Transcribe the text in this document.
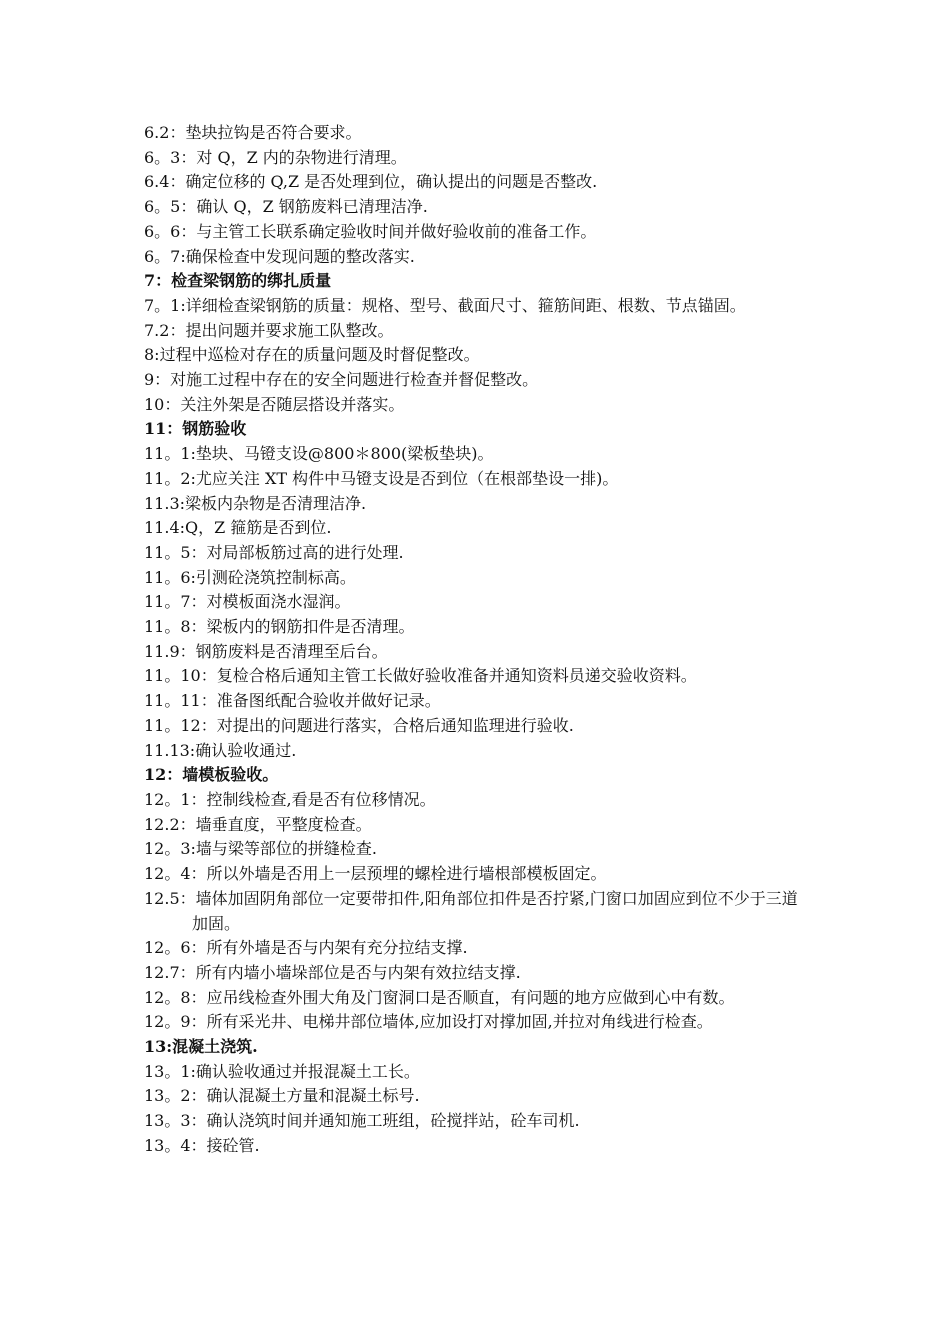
6.2：垫块拉钩是否符合要求。
6。3：对 Q，Z 内的杂物进行清理。
6.4：确定位移的 Q,Z 是否处理到位，确认提出的问题是否整改.
6。5：确认 Q，Z 钢筋废料已清理洁净.
6。6：与主管工长联系确定验收时间并做好验收前的准备工作。
6。7:确保检查中发现问题的整改落实.
7：检查梁钢筋的绑扎质量
7。1:详细检查梁钢筋的质量：规格、型号、截面尺寸、箍筋间距、根数、节点锚固。
7.2：提出问题并要求施工队整改。
8:过程中巡检对存在的质量问题及时督促整改。
9：对施工过程中存在的安全问题进行检查并督促整改。
10：关注外架是否随层搭设并落实。
11：钢筋验收
11。1:垫块、马镫支设@800＊800(梁板垫块)。
11。2:尤应关注 XT 构件中马镫支设是否到位（在根部垫设一排)。
11.3:梁板内杂物是否清理洁净.
11.4:Q，Z 箍筋是否到位.
11。5：对局部板筋过高的进行处理.
11。6:引测砼浇筑控制标高。
11。7：对模板面浇水湿润。
11。8：梁板内的钢筋扣件是否清理。
11.9：钢筋废料是否清理至后台。
11。10：复检合格后通知主管工长做好验收准备并通知资料员递交验收资料。
11。11：准备图纸配合验收并做好记录。
11。12：对提出的问题进行落实，合格后通知监理进行验收.
11.13:确认验收通过.
12：墙模板验收。
12。1：控制线检查,看是否有位移情况。
12.2：墙垂直度，平整度检查。
12。3:墙与梁等部位的拼缝检查.
12。4：所以外墙是否用上一层预埋的螺栓进行墙根部模板固定。
12.5：墙体加固阴角部位一定要带扣件,阳角部位扣件是否拧紧,门窗口加固应到位不少于三道加固。
12。6：所有外墙是否与内架有充分拉结支撑.
12.7：所有内墙小墙垛部位是否与内架有效拉结支撑.
12。8：应吊线检查外围大角及门窗洞口是否顺直，有问题的地方应做到心中有数。
12。9：所有采光井、电梯井部位墙体,应加设打对撑加固,并拉对角线进行检查。
13:混凝土浇筑.
13。1:确认验收通过并报混凝土工长。
13。2：确认混凝土方量和混凝土标号.
13。3：确认浇筑时间并通知施工班组，砼搅拌站，砼车司机.
13。4：接砼管.
